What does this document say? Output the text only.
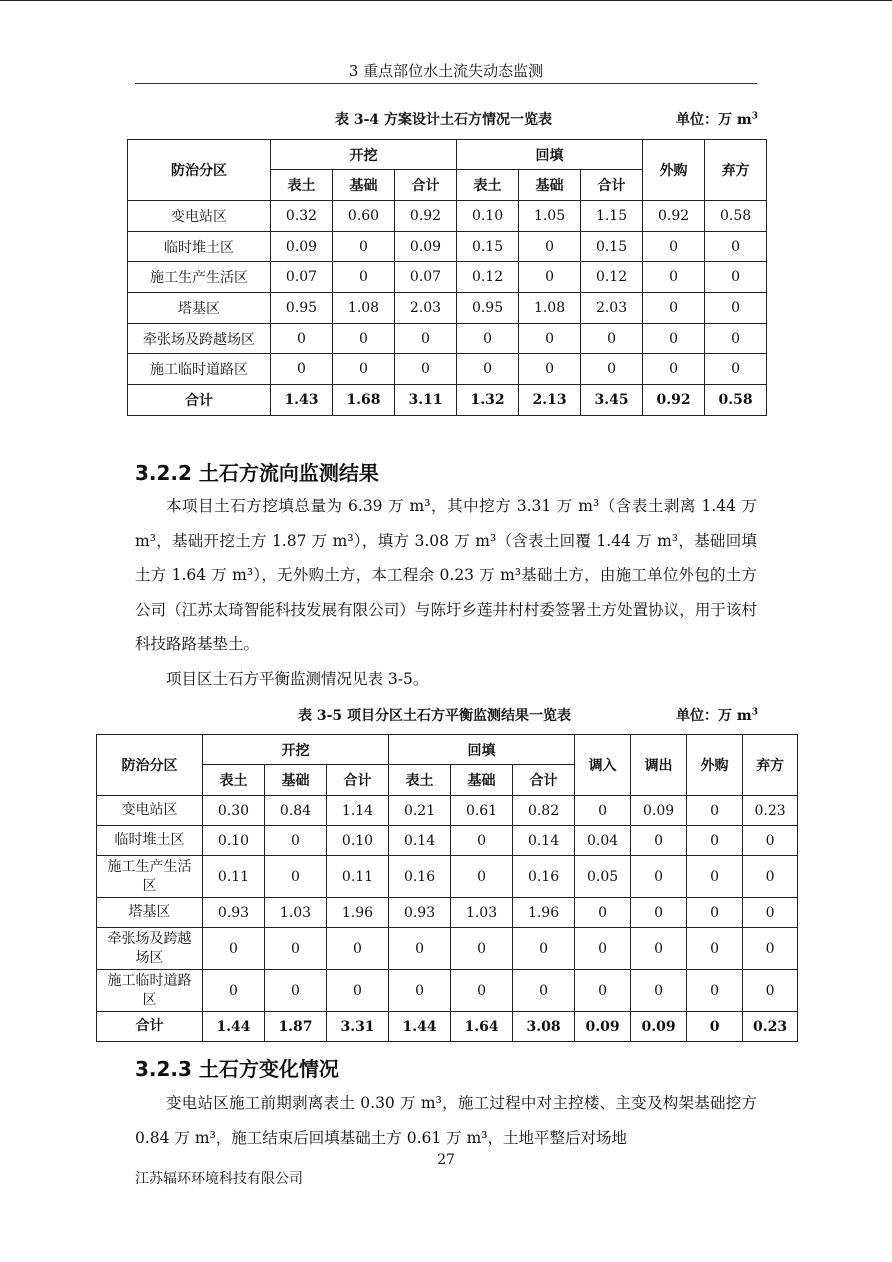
3 重点部位水土流失动态监测
表 3-4 方案设计土石方情况一览表	单位：万 $m^3$
防治分区	开挖			回填			外购	弃方
	表土	基础	合计	表土	基础	合计		
变电站区	0.32	0.60	0.92	0.10	1.05	1.15	0.92	0.58
临时堆土区	0.09	0	0.09	0.15	0	0.15	0	0
施工生产生活区	0.07	0	0.07	0.12	0	0.12	0	0
塔基区	0.95	1.08	2.03	0.95	1.08	2.03	0	0
牵张场及跨越场区	0	0	0	0	0	0	0	0
施工临时道路区	0	0	0	0	0	0	0	0
合计	1.43	1.68	3.11	1.32	2.13	3.45	0.92	0.58
3.2.2 土石方流向监测结果

本项目土石方挖填总量为 6.39 万 m³，其中挖方 3.31 万 m³（含表土剥离 1.44 万 m³，基础开挖土方 1.87 万 m³），填方 3.08 万 m³（含表土回覆 1.44 万 m³，基础回填土方 1.64 万 m³），无外购土方，本工程余 0.23 万 m³基础土方，由施工单位外包的土方公司（江苏太琦智能科技发展有限公司）与陈圩乡莲井村村委签署土方处置协议，用于该村科技路路基垫土。

项目区土石方平衡监测情况见表 3-5。

表 3-5 项目分区土石方平衡监测结果一览表	单位：万 $m^3$
防治分区	开挖			回填			调入	调出	外购	弃方
	表土	基础	合计	表土	基础	合计				
变电站区	0.30	0.84	1.14	0.21	0.61	0.82	0	0.09	0	0.23
临时堆土区	0.10	0	0.10	0.14	0	0.14	0.04	0	0	0
施工生产生活区	0.11	0	0.11	0.16	0	0.16	0.05	0	0	0
塔基区	0.93	1.03	1.96	0.93	1.03	1.96	0	0	0	0
牵张场及跨越场区	0	0	0	0	0	0	0	0	0	0
施工临时道路区	0	0	0	0	0	0	0	0	0	0
合计	1.44	1.87	3.31	1.44	1.64	3.08	0.09	0.09	0	0.23
3.2.3 土石方变化情况

变电站区施工前期剥离表土 0.30 万 m³，施工过程中对主控楼、主变及构架基础挖方 0.84 万 m³，施工结束后回填基础土方 0.61 万 m³，土地平整后对场地

27
江苏辐环环境科技有限公司
